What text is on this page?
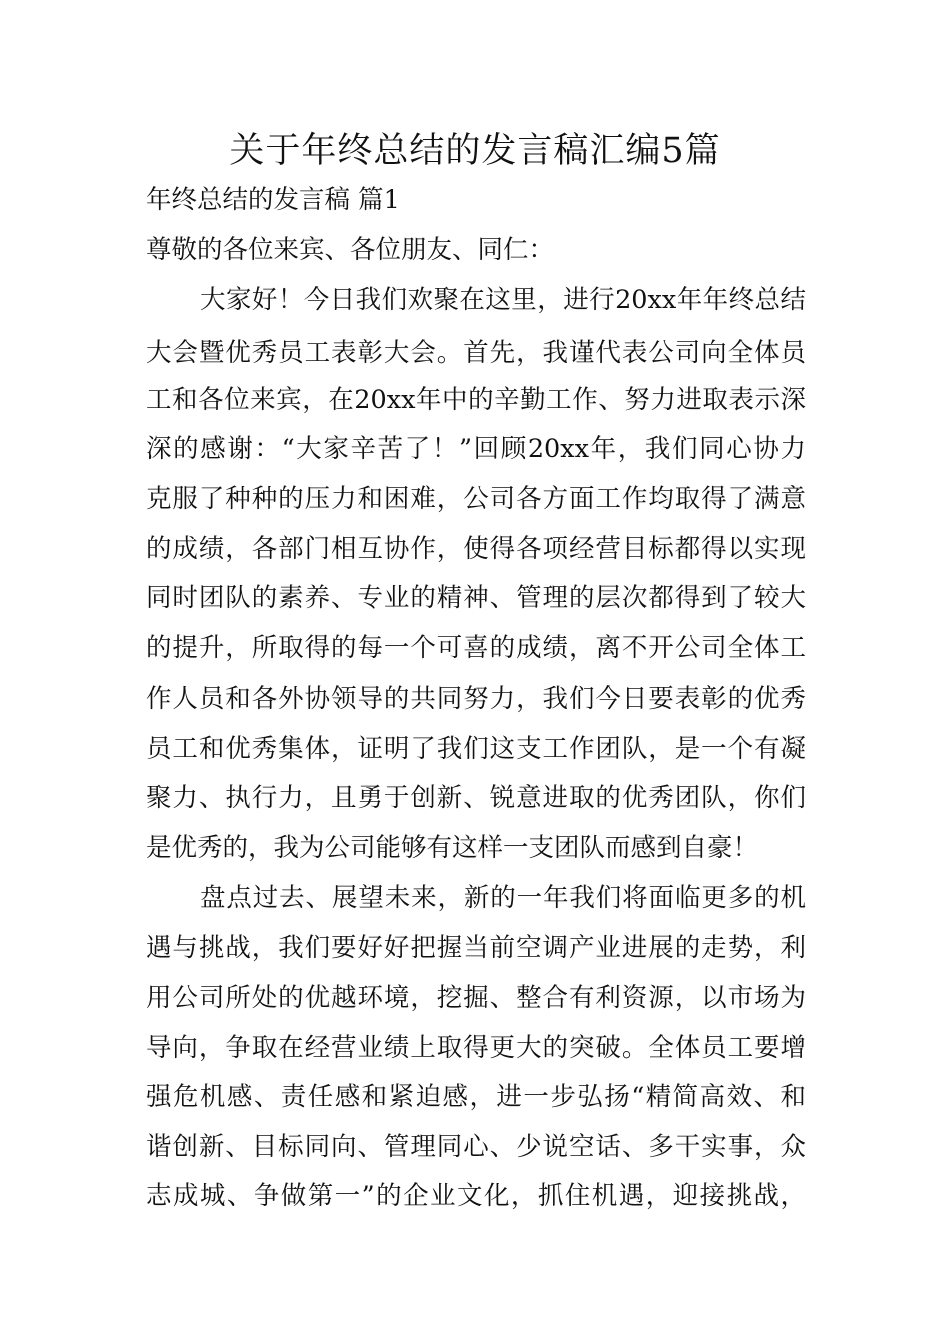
关于年终总结的发言稿汇编5篇

年终总结的发言稿 篇1

尊敬的各位来宾、各位朋友、同仁：

大家好！今日我们欢聚在这里，进行20xx年年终总结

大会暨优秀员工表彰大会。首先，我谨代表公司向全体员

工和各位来宾，在20xx年中的辛勤工作、努力进取表示深

深的感谢：“大家辛苦了！”回顾20xx年，我们同心协力

克服了种种的压力和困难，公司各方面工作均取得了满意

的成绩，各部门相互协作，使得各项经营目标都得以实现

同时团队的素养、专业的精神、管理的层次都得到了较大

的提升，所取得的每一个可喜的成绩，离不开公司全体工

作人员和各外协领导的共同努力，我们今日要表彰的优秀

员工和优秀集体，证明了我们这支工作团队，是一个有凝

聚力、执行力，且勇于创新、锐意进取的优秀团队，你们

是优秀的，我为公司能够有这样一支团队而感到自豪！

盘点过去、展望未来，新的一年我们将面临更多的机

遇与挑战，我们要好好把握当前空调产业进展的走势，利

用公司所处的优越环境，挖掘、整合有利资源，以市场为

导向，争取在经营业绩上取得更大的突破。全体员工要增

强危机感、责任感和紧迫感，进一步弘扬“精简高效、和

谐创新、目标同向、管理同心、少说空话、多干实事，众

志成城、争做第一”的企业文化，抓住机遇，迎接挑战，
